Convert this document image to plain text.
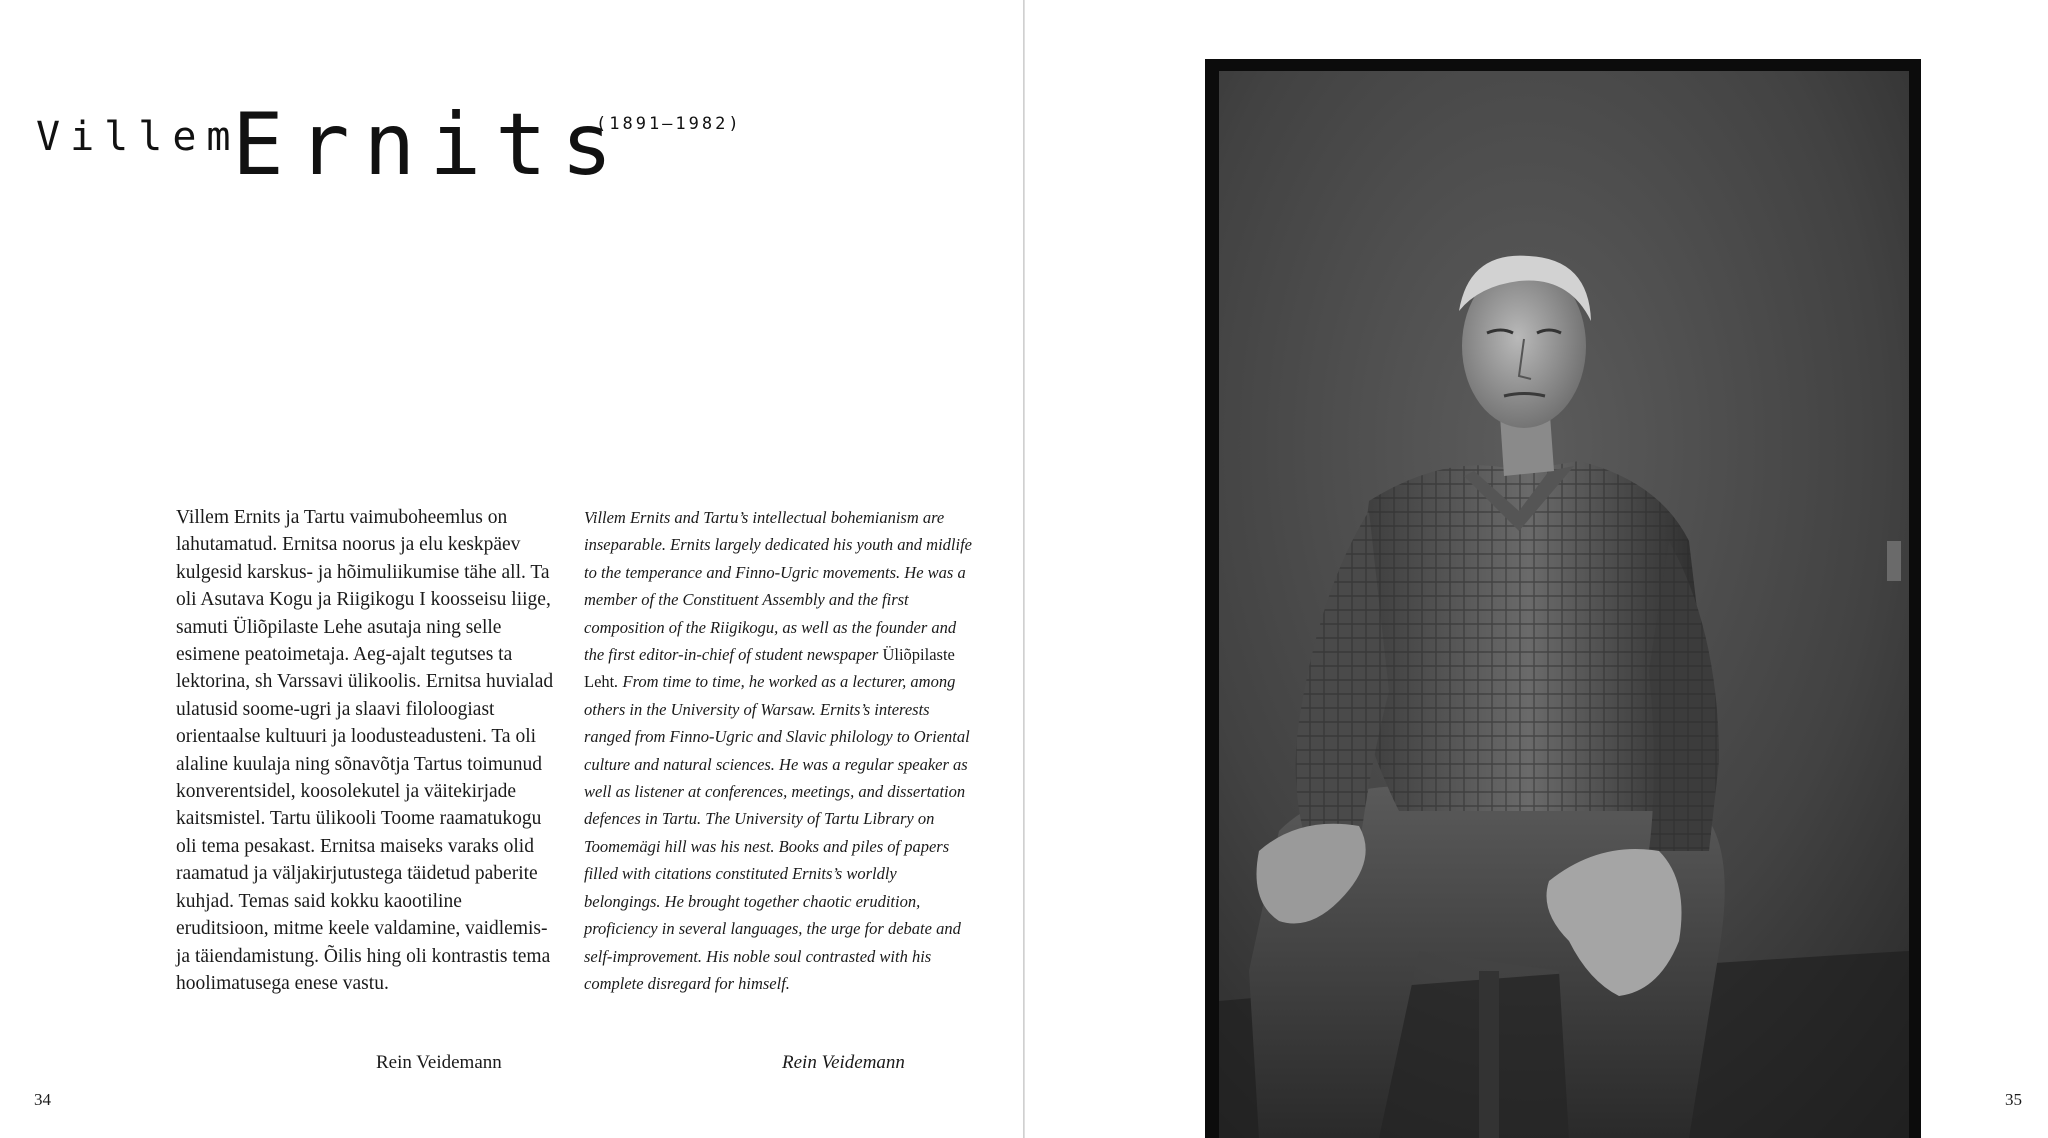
Villem
Ernits
(1891–1982)

Villem Ernits ja Tartu vaimuboheemlus on lahutamatud. Ernitsa noorus ja elu keskpäev kulgesid karskus- ja hõimuliikumise tähe all. Ta oli Asutava Kogu ja Riigikogu I koosseisu liige, samuti Üliõpilaste Lehe asutaja ning selle esimene peatoimetaja. Aeg-ajalt tegutses ta lektorina, sh Varssavi ülikoolis. Ernitsa huvialad ulatusid soome-ugri ja slaavi filoloogiast orientaalse kultuuri ja loodusteadusteni. Ta oli alaline kuulaja ning sõnavõtja Tartus toimunud konverentsidel, koosolekutel ja väitekirjade kaitsmistel. Tartu ülikooli Toome raamatukogu oli tema pesakast. Ernitsa maiseks varaks olid raamatud ja väljakirjutustega täidetud paberite kuhjad. Temas said kokku kaootiline eruditsioon, mitme keele valdamine, vaidlemis- ja täiendamistung. Õilis hing oli kontrastis tema hoolimatusega enese vastu.

Villem Ernits and Tartu’s intellectual bohemianism are inseparable. Ernits largely dedicated his youth and midlife to the temperance and Finno-Ugric movements. He was a member of the Constituent Assembly and the first composition of the Riigikogu, as well as the founder and the first editor-in-chief of student newspaper Üliõpilaste Leht. From time to time, he worked as a lecturer, among others in the University of Warsaw. Ernits’s interests ranged from Finno-Ugric and Slavic philology to Oriental culture and natural sciences. He was a regular speaker as well as listener at conferences, meetings, and dissertation defences in Tartu. The University of Tartu Library on Toomemägi hill was his nest. Books and piles of papers filled with citations constituted Ernits’s worldly belongings. He brought together chaotic erudition, proficiency in several languages, the urge for debate and self-improvement. His noble soul contrasted with his complete disregard for himself.

Rein Veidemann	Rein Veidemann
34	35
